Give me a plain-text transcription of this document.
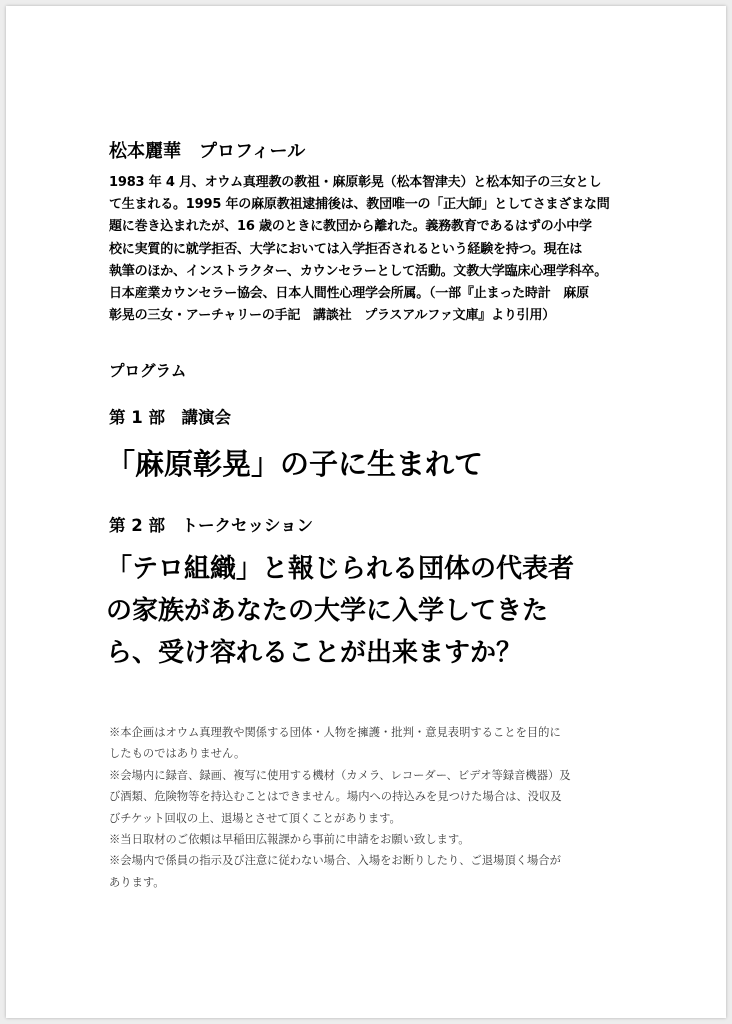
松本麗華　プロフィール
1983 年 4 月、オウム真理教の教祖・麻原彰晃（松本智津夫）と松本知子の三女とし
て生まれる。1995 年の麻原教祖逮捕後は、教団唯一の「正大師」としてさまざまな問
題に巻き込まれたが、16 歳のときに教団から離れた。義務教育であるはずの小中学
校に実質的に就学拒否、大学においては入学拒否されるという経験を持つ。現在は
執筆のほか、インストラクター、カウンセラーとして活動。文教大学臨床心理学科卒。
日本産業カウンセラー協会、日本人間性心理学会所属。（一部『止まった時計　麻原
彰晃の三女・アーチャリーの手記　講談社　プラスアルファ文庫』より引用）
プログラム
第 1 部　講演会
「麻原彰晃」の子に生まれて
第 2 部　トークセッション
「テロ組織」と報じられる団体の代表者
の家族があなたの大学に入学してきた
ら、受け容れることが出来ますか？
※本企画はオウム真理教や関係する団体・人物を擁護・批判・意見表明することを目的に
したものではありません。
※会場内に録音、録画、複写に使用する機材（カメラ、レコーダー、ビデオ等録音機器）及
び酒類、危険物等を持込むことはできません。場内への持込みを見つけた場合は、没収及
びチケット回収の上、退場とさせて頂くことがあります。
※当日取材のご依頼は早稲田広報課から事前に申請をお願い致します。
※会場内で係員の指示及び注意に従わない場合、入場をお断りしたり、ご退場頂く場合が
あります。
